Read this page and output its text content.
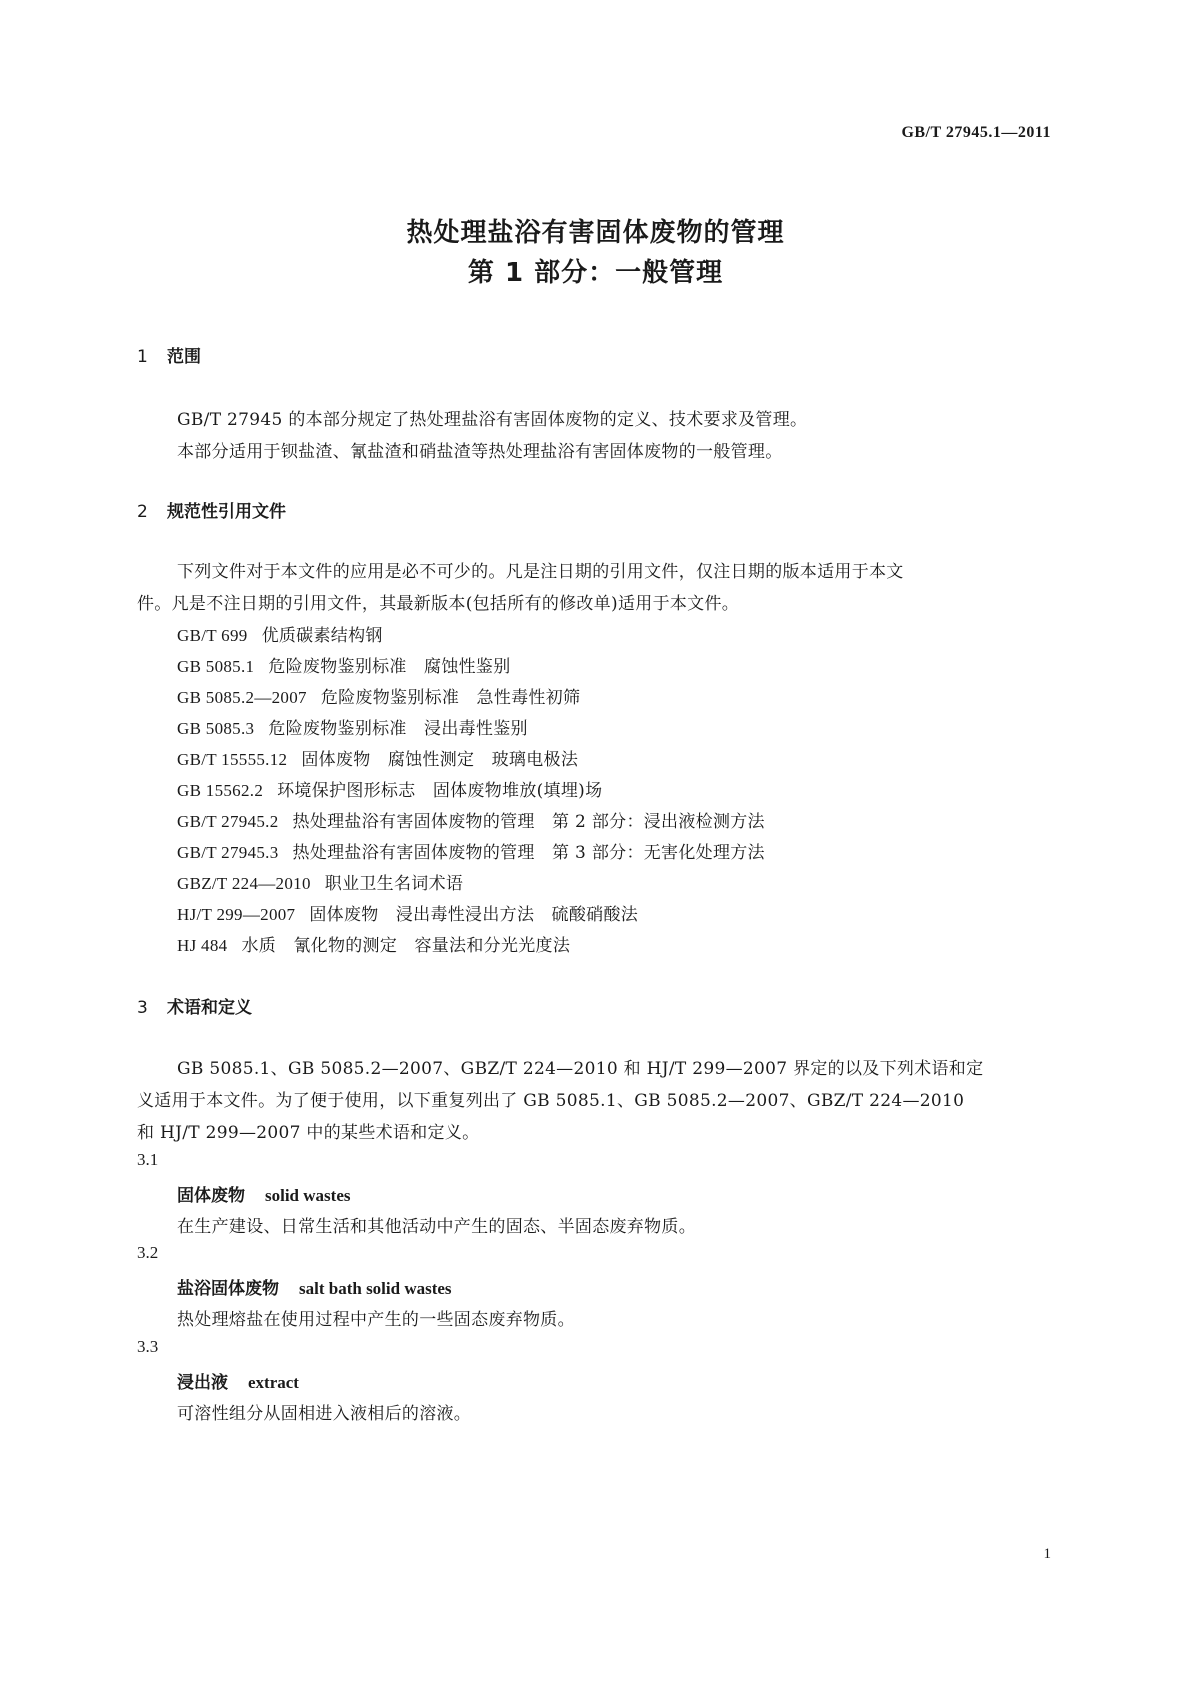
GB/T 27945.1—2011
热处理盐浴有害固体废物的管理
第 1 部分：一般管理
1 范围
GB/T 27945 的本部分规定了热处理盐浴有害固体废物的定义、技术要求及管理。
本部分适用于钡盐渣、氰盐渣和硝盐渣等热处理盐浴有害固体废物的一般管理。
2 规范性引用文件
下列文件对于本文件的应用是必不可少的。凡是注日期的引用文件，仅注日期的版本适用于本文
件。凡是不注日期的引用文件，其最新版本(包括所有的修改单)适用于本文件。
GB/T 699 优质碳素结构钢
GB 5085.1 危险废物鉴别标准　腐蚀性鉴别
GB 5085.2—2007 危险废物鉴别标准　急性毒性初筛
GB 5085.3 危险废物鉴别标准　浸出毒性鉴别
GB/T 15555.12 固体废物　腐蚀性测定　玻璃电极法
GB 15562.2 环境保护图形标志　固体废物堆放(填埋)场
GB/T 27945.2 热处理盐浴有害固体废物的管理　第 2 部分：浸出液检测方法
GB/T 27945.3 热处理盐浴有害固体废物的管理　第 3 部分：无害化处理方法
GBZ/T 224—2010 职业卫生名词术语
HJ/T 299—2007 固体废物　浸出毒性浸出方法　硫酸硝酸法
HJ 484 水质　氰化物的测定　容量法和分光光度法
3 术语和定义
GB 5085.1、GB 5085.2—2007、GBZ/T 224—2010 和 HJ/T 299—2007 界定的以及下列术语和定
义适用于本文件。为了便于使用，以下重复列出了 GB 5085.1、GB 5085.2—2007、GBZ/T 224—2010
和 HJ/T 299—2007 中的某些术语和定义。
3.1
固体废物 solid wastes
在生产建设、日常生活和其他活动中产生的固态、半固态废弃物质。
3.2
盐浴固体废物 salt bath solid wastes
热处理熔盐在使用过程中产生的一些固态废弃物质。
3.3
浸出液 extract
可溶性组分从固相进入液相后的溶液。
1
